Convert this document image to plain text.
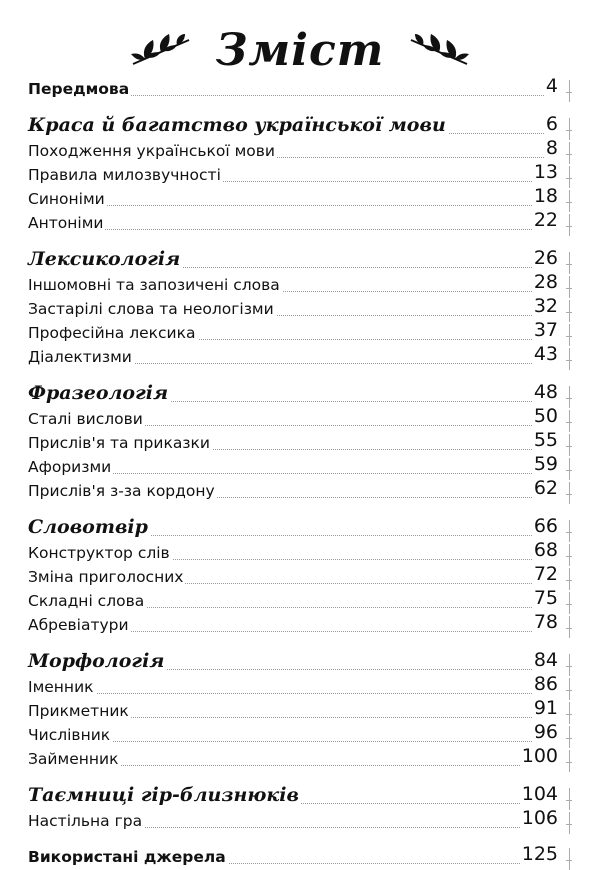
Зміст
Передмова	4
Краса й багатство української мови	6
Походження української мови	8
Правила милозвучності	13
Синоніми	18
Антоніми	22
Лексикологія	26
Іншомовні та запозичені слова	28
Застарілі слова та неологізми	32
Професійна лексика	37
Діалектизми	43
Фразеологія	48
Сталі вислови	50
Прислів'я та приказки	55
Афоризми	59
Прислів'я з-за кордону	62
Словотвір	66
Конструктор слів	68
Зміна приголосних	72
Складні слова	75
Абревіатури	78
Морфологія	84
Іменник	86
Прикметник	91
Числівник	96
Займенник	100
Таємниці гір-близнюків	104
Настільна гра	106
Використані джерела	125
